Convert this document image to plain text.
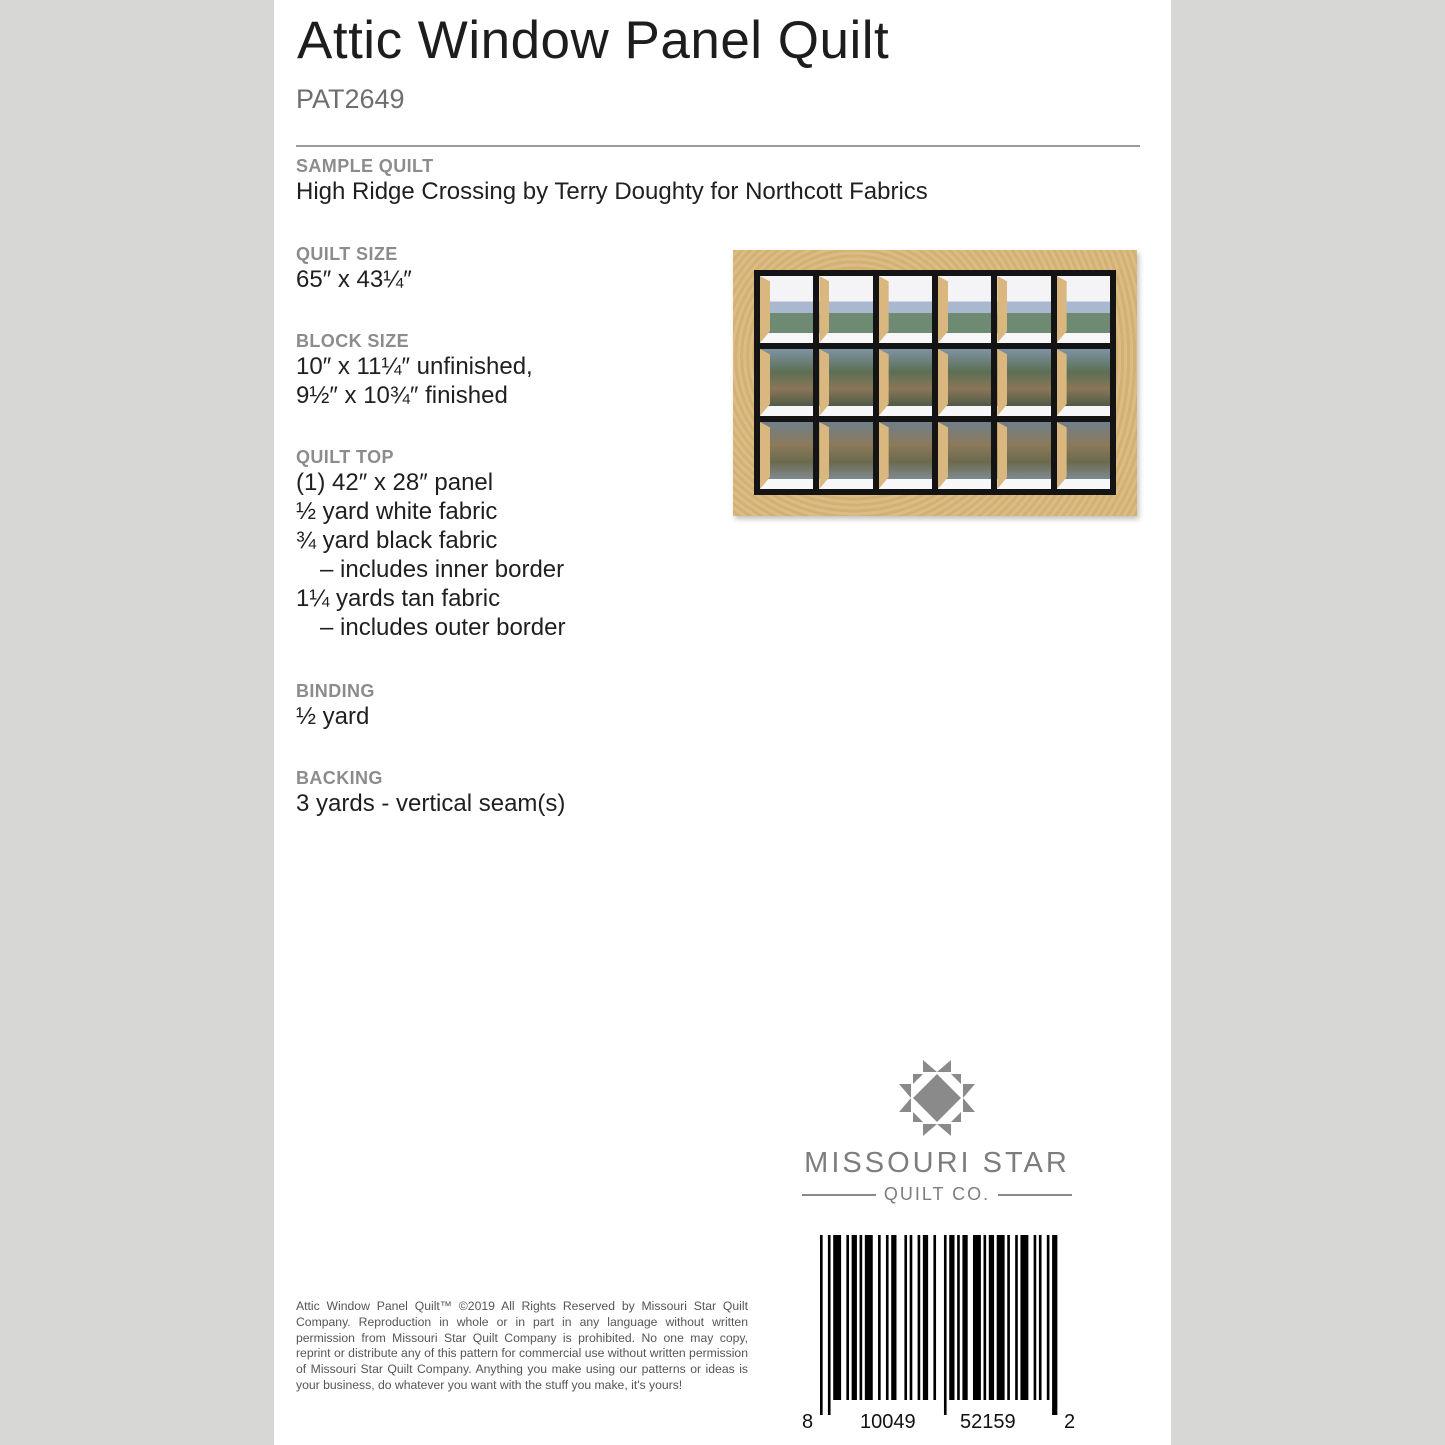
Attic Window Panel Quilt
PAT2649
SAMPLE QUILT
High Ridge Crossing by Terry Doughty for Northcott Fabrics
QUILT SIZE
65″ x 43¼″
BLOCK SIZE
10″ x 11¼″ unfinished,
9½″ x 10¾″ finished
QUILT TOP
(1) 42″ x 28″ panel
½ yard white fabric
¾ yard black fabric
– includes inner border
1¼ yards tan fabric
– includes outer border
BINDING
½ yard
BACKING
3 yards - vertical seam(s)
MISSOURI STAR
QUILT CO.
Attic Window Panel Quilt™ ©2019 All Rights Reserved by Missouri Star Quilt Company. Reproduction in whole or in part in any language without written permission from Missouri Star Quilt Company is prohibited. No one may copy, reprint or distribute any of this pattern for commercial use without written permission of Missouri Star Quilt Company. Anything you make using our patterns or ideas is your business, do whatever you want with the stuff you make, it's yours!
8 10049 52159 2
